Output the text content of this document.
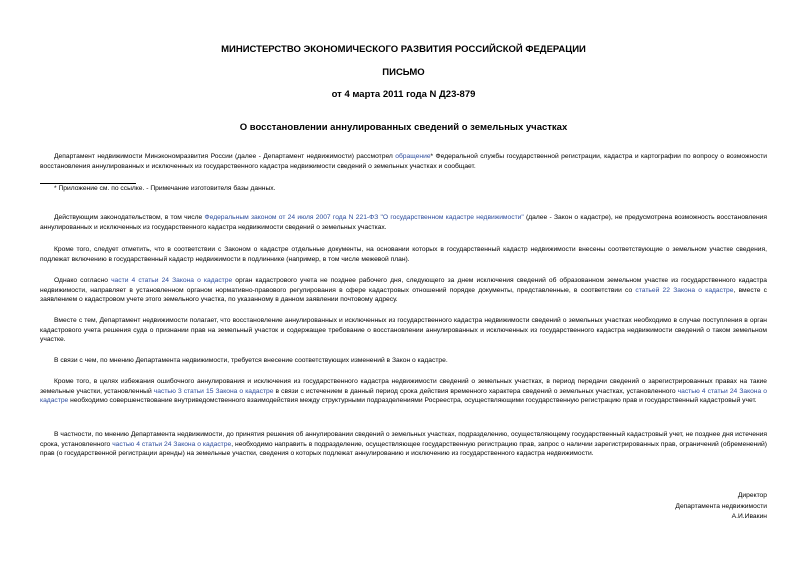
МИНИСТЕРСТВО ЭКОНОМИЧЕСКОГО РАЗВИТИЯ РОССИЙСКОЙ ФЕДЕРАЦИИ
ПИСЬМО
от 4 марта 2011 года N Д23-879
О восстановлении аннулированных сведений о земельных участках
Департамент недвижимости Минэкономразвития России (далее - Департамент недвижимости) рассмотрел обращение* Федеральной службы государственной регистрации, кадастра и картографии по вопросу о возможности восстановления аннулированных и исключенных из государственного кадастра недвижимости сведений о земельных участках и сообщает.
* Приложение см. по ссылке. - Примечание изготовителя базы данных.
Действующим законодательством, в том числе Федеральным законом от 24 июля 2007 года N 221-ФЗ "О государственном кадастре недвижимости" (далее - Закон о кадастре), не предусмотрена возможность восстановления аннулированных и исключенных из государственного кадастра недвижимости сведений о земельных участках.
Кроме того, следует отметить, что в соответствии с Законом о кадастре отдельные документы, на основании которых в государственный кадастр недвижимости внесены соответствующие о земельном участке сведения, подлежат включению в государственный кадастр недвижимости в подлиннике (например, в том числе межевой план).
Однако согласно части 4 статьи 24 Закона о кадастре орган кадастрового учета не позднее рабочего дня, следующего за днем исключения сведений об образованном земельном участке из государственного кадастра недвижимости, направляет в установленном органом нормативно-правового регулирования в сфере кадастровых отношений порядке документы, представленные, в соответствии со статьей 22 Закона о кадастре, вместе с заявлением о кадастровом учете этого земельного участка, по указанному в данном заявлении почтовому адресу.
Вместе с тем, Департамент недвижимости полагает, что восстановление аннулированных и исключенных из государственного кадастра недвижимости сведений о земельных участках необходимо в случае поступления в орган кадастрового учета решения суда о признании прав на земельный участок и содержащее требование о восстановлении аннулированных и исключенных из государственного кадастра недвижимости сведений о таком земельном участке.
В связи с чем, по мнению Департамента недвижимости, требуется внесение соответствующих изменений в Закон о кадастре.
Кроме того, в целях избежания ошибочного аннулирования и исключения из государственного кадастра недвижимости сведений о земельных участках, в период передачи сведений о зарегистрированных правах на такие земельные участки, установленный частью 3 статьи 15 Закона о кадастре в связи с истечением в данный период срока действия временного характера сведений о земельных участках, установленного частью 4 статьи 24 Закона о кадастре необходимо совершенствование внутриведомственного взаимодействия между структурными подразделениями Росреестра, осуществляющими государственную регистрацию прав и государственный кадастровый учет.
В частности, по мнению Департамента недвижимости, до принятия решения об аннулировании сведений о земельных участках, подразделению, осуществляющему государственный кадастровый учет, не позднее дня истечения срока, установленного частью 4 статьи 24 Закона о кадастре, необходимо направить в подразделение, осуществляющее государственную регистрацию прав, запрос о наличии зарегистрированных прав, ограничений (обременений) прав (о государственной регистрации аренды) на земельные участки, сведения о которых подлежат аннулированию и исключению из государственного кадастра недвижимости.
Директор
Департамента недвижимости
А.И.Ивакин
